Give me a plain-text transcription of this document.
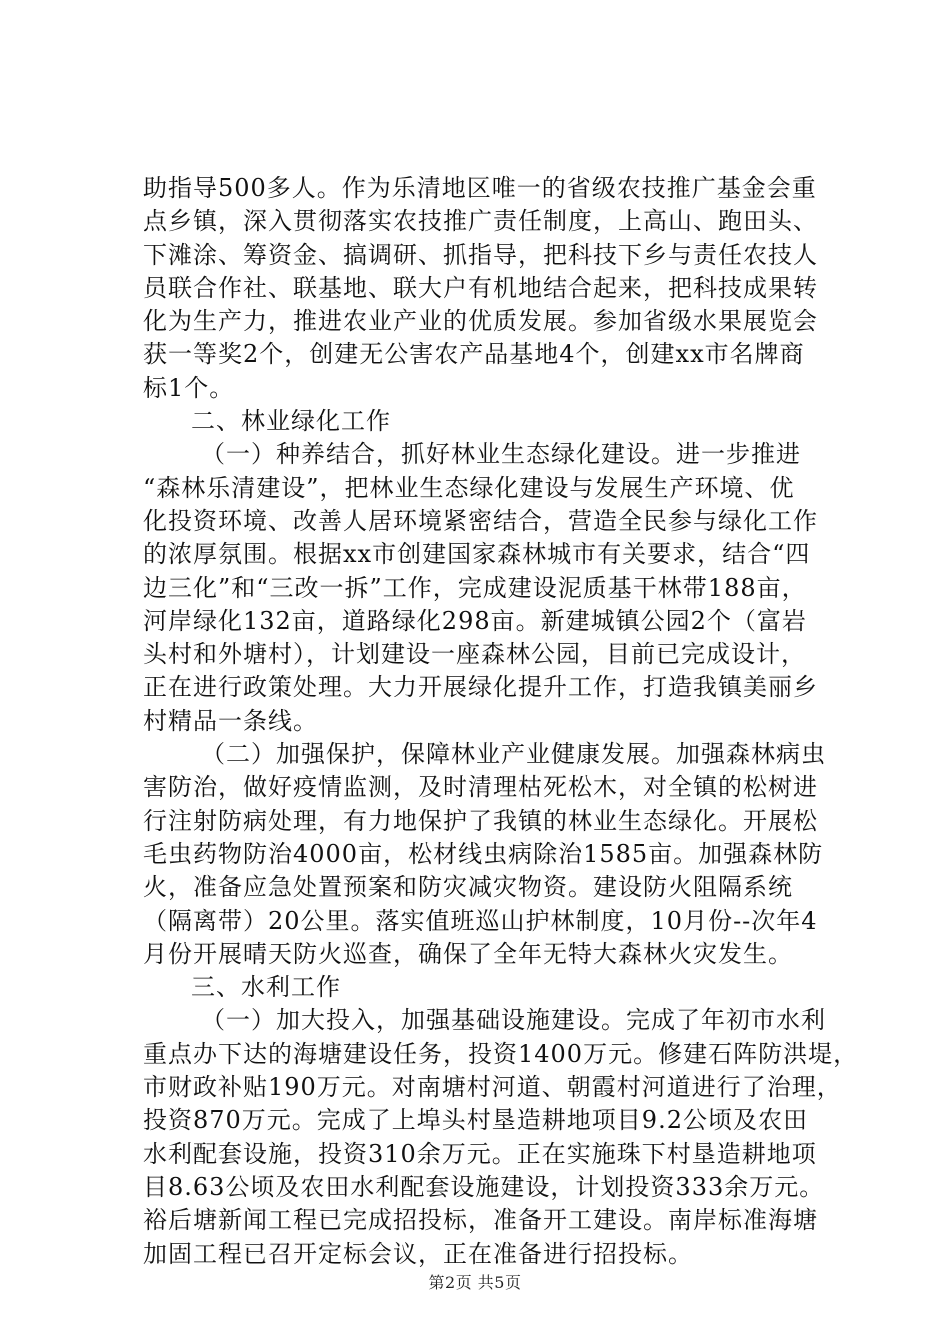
助指导500多人。作为乐清地区唯一的省级农技推广基金会重
点乡镇，深入贯彻落实农技推广责任制度，上高山、跑田头、
下滩涂、筹资金、搞调研、抓指导，把科技下乡与责任农技人
员联合作社、联基地、联大户有机地结合起来，把科技成果转
化为生产力，推进农业产业的优质发展。参加省级水果展览会
获一等奖2个，创建无公害农产品基地4个，创建xx市名牌商
标1个。
二、林业绿化工作
（一）种养结合，抓好林业生态绿化建设。进一步推进
“森林乐清建设”，把林业生态绿化建设与发展生产环境、优
化投资环境、改善人居环境紧密结合，营造全民参与绿化工作
的浓厚氛围。根据xx市创建国家森林城市有关要求，结合“四
边三化”和“三改一拆”工作，完成建设泥质基干林带188亩，
河岸绿化132亩，道路绿化298亩。新建城镇公园2个（富岩
头村和外塘村），计划建设一座森林公园，目前已完成设计，
正在进行政策处理。大力开展绿化提升工作，打造我镇美丽乡
村精品一条线。
（二）加强保护，保障林业产业健康发展。加强森林病虫
害防治，做好疫情监测，及时清理枯死松木，对全镇的松树进
行注射防病处理，有力地保护了我镇的林业生态绿化。开展松
毛虫药物防治4000亩，松材线虫病除治1585亩。加强森林防
火，准备应急处置预案和防灾减灾物资。建设防火阻隔系统
（隔离带）20公里。落实值班巡山护林制度，10月份--次年4
月份开展晴天防火巡查，确保了全年无特大森林火灾发生。
三、水利工作
（一）加大投入，加强基础设施建设。完成了年初市水利
重点办下达的海塘建设任务，投资1400万元。修建石阵防洪堤，
市财政补贴190万元。对南塘村河道、朝霞村河道进行了治理，
投资870万元。完成了上埠头村垦造耕地项目9.2公顷及农田
水利配套设施，投资310余万元。正在实施珠下村垦造耕地项
目8.63公顷及农田水利配套设施建设，计划投资333余万元。
裕后塘新闻工程已完成招投标，准备开工建设。南岸标准海塘
加固工程已召开定标会议，正在准备进行招投标。
第2页 共5页
